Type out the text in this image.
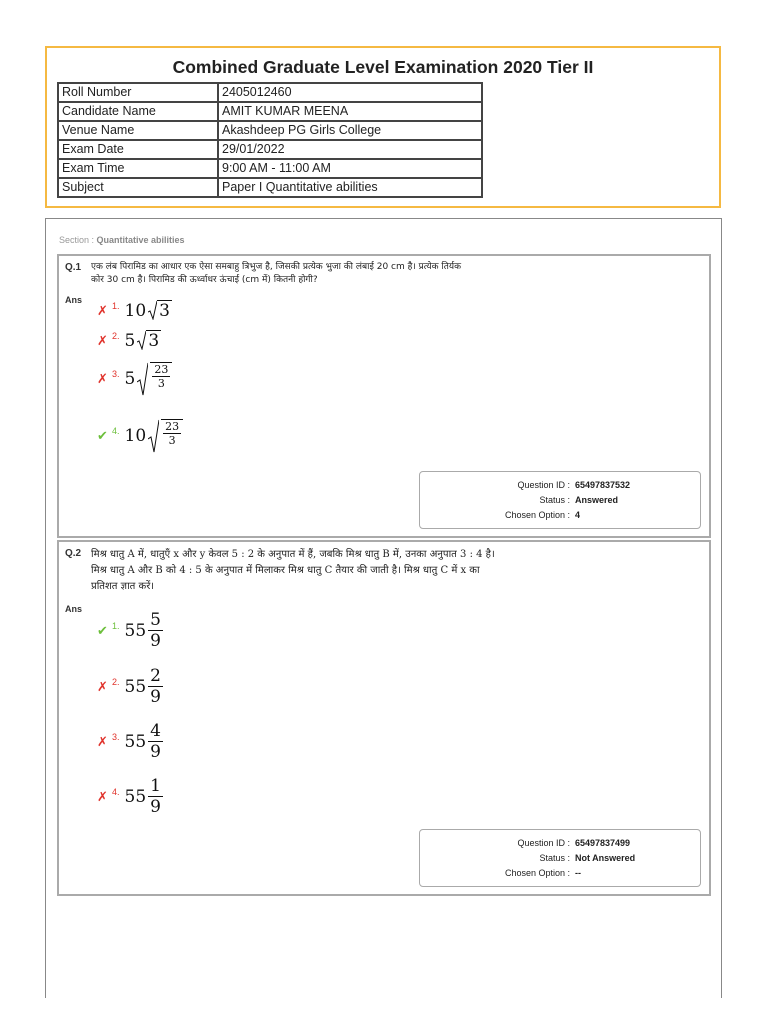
Combined Graduate Level Examination 2020 Tier II
Roll Number	2405012460
Candidate Name	AMIT KUMAR MEENA
Venue Name	Akashdeep PG Girls College
Exam Date	29/01/2022
Exam Time	9:00 AM - 11:00 AM
Subject	Paper I Quantitative abilities
Section : Quantitative abilities
Q.1 एक लंब पिरामिड का आधार एक ऐसा समबाहु त्रिभुज है, जिसकी प्रत्येक भुजा की लंबाई 20 cm है। प्रत्येक तिर्यक
कोर 30 cm है। पिरामिड की ऊर्ध्वाधर ऊंचाई (cm में) कितनी होगी?
Ans
✗ 1. 10 3
✗ 2. 5 3
✗ 3. $5 \frac{23}{3}$
✔ 4. $10 \frac{23}{3}$
Question ID : 65497837532
Status : Answered
Chosen Option : 4
Q.2 मिश्र धातु A में, धातुएँ x और y केवल 5 : 2 के अनुपात में हैं, जबकि मिश्र धातु B में, उनका अनुपात 3 : 4 है।
मिश्र धातु A और B को 4 : 5 के अनुपात में मिलाकर मिश्र धातु C तैयार की जाती है। मिश्र धातु C में x का
प्रतिशत ज्ञात करें।
Ans
✔ 1. $55 \frac{5}{9}$
✗ 2. $55 \frac{2}{9}$
✗ 3. $55 \frac{4}{9}$
✗ 4. $55 \frac{1}{9}$
Question ID : 65497837499
Status : Not Answered
Chosen Option : --
